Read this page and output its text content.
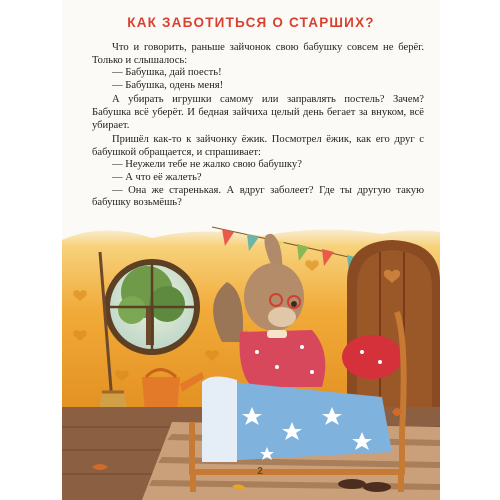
КАК ЗАБОТИТЬСЯ О СТАРШИХ?

Что и говорить, раньше зайчонок свою бабушку совсем не берёг. Только и слышалось:

— Бабушка, дай поесть!

— Бабушка, одень меня!

А убирать игрушки самому или заправлять постель? Зачем? Бабушка всё уберёт. И бедная зайчиха целый день бегает за внуком, всё убирает.

Пришёл как-то к зайчонку ёжик. Посмотрел ёжик, как его друг с бабушкой обращается, и спрашивает:

— Неужели тебе не жалко свою бабушку?

— А что её жалеть?

— Она же старенькая. А вдруг заболеет? Где ты другую такую бабушку возьмёшь?

2
